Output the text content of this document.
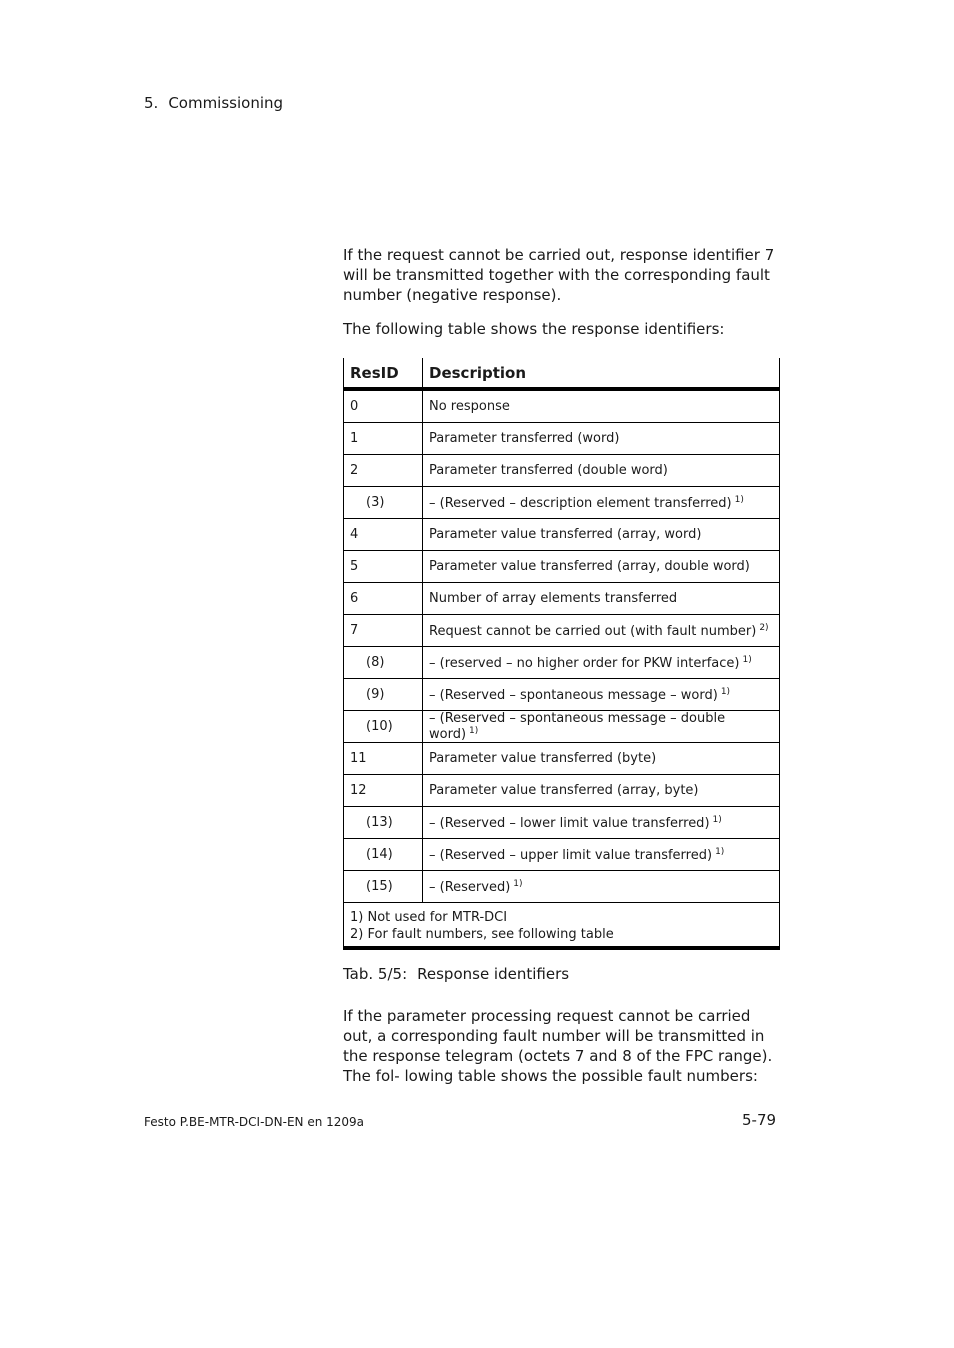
5. Commissioning
If the request cannot be carried out, response identifier 7 will be transmitted together with the corresponding fault number (negative response).
The following table shows the response identifiers:
ResID	Description
0	No response
1	Parameter transferred (word)
2	Parameter transferred (double word)
(3)	– (Reserved – description element transferred) $^{1)}$
4	Parameter value transferred (array, word)
5	Parameter value transferred (array, double word)
6	Number of array elements transferred
7	Request cannot be carried out (with fault number) $^{2)}$
(8)	– (reserved – no higher order for PKW interface) $^{1)}$
(9)	– (Reserved – spontaneous message – word) $^{1)}$
(10)	– (Reserved – spontaneous message – double word) $^{1)}$
11	Parameter value transferred (byte)
12	Parameter value transferred (array, byte)
(13)	– (Reserved – lower limit value transferred) $^{1)}$
(14)	– (Reserved – upper limit value transferred) $^{1)}$
(15)	– (Reserved) $^{1)}$

1) Not used for MTR-DCI
2) For fault numbers, see following table	
Tab. 5/5: Response identifiers
If the parameter processing request cannot be carried out, a corresponding fault number will be transmitted in the response telegram (octets 7 and 8 of the FPC range). The fol- lowing table shows the possible fault numbers:
Festo P.BE-MTR-DCI-DN-EN en 1209a	5-79
